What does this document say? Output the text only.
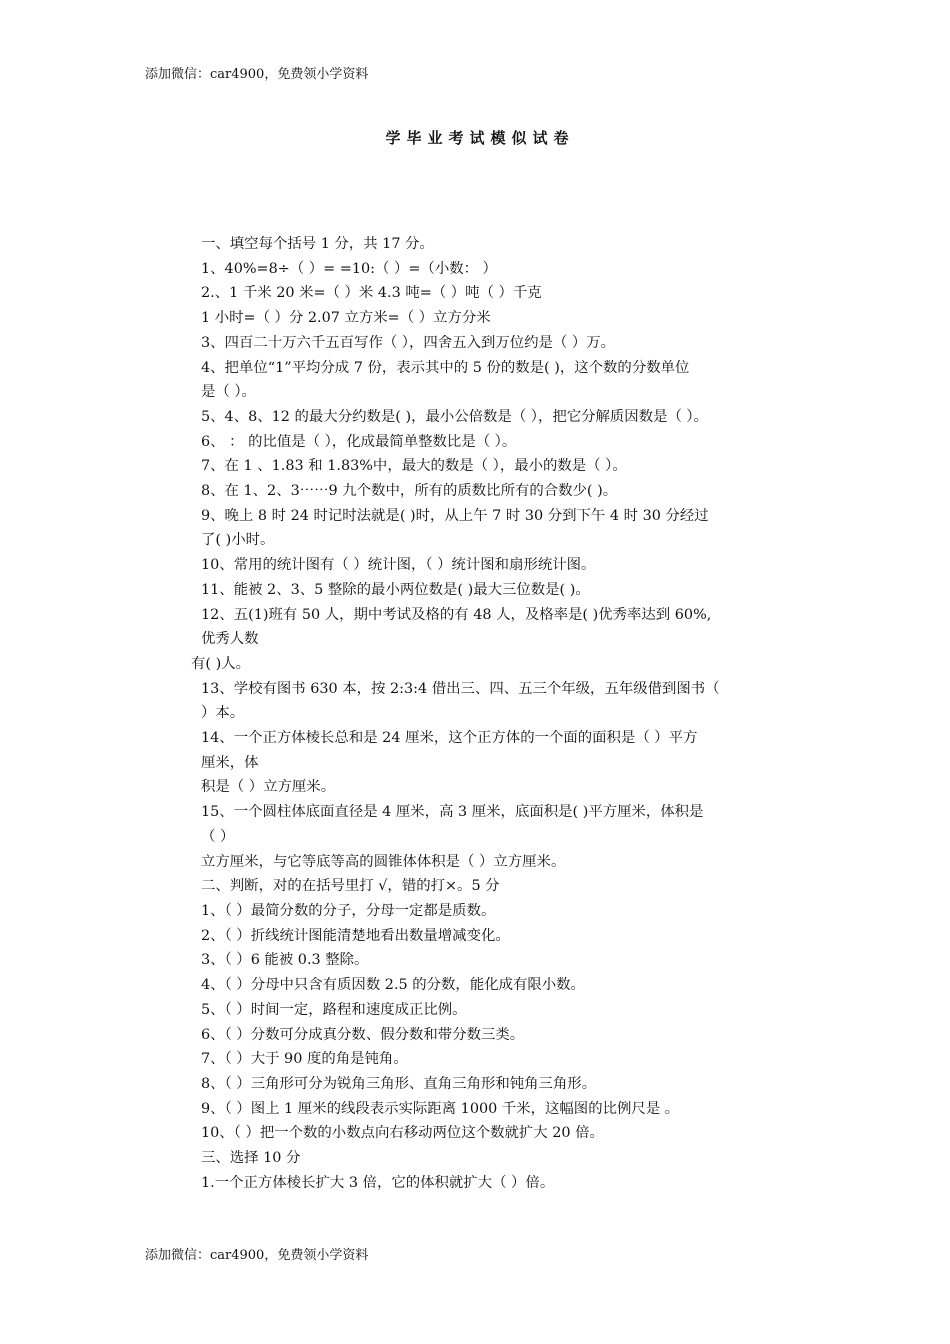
添加微信：car4900，免费领小学资料
学毕业考试模似试卷
一、填空每个括号 1 分，共 17 分。
1、40%=8÷（ ）= =10:（ ）=（小数： ）
2.、1 千米 20 米=（ ）米 4.3 吨=（ ）吨（ ）千克
1 小时=（ ）分 2.07 立方米=（ ）立方分米
3、四百二十万六千五百写作（ ），四舍五入到万位约是（ ）万。
4、把单位“1”平均分成 7 份，表示其中的 5 份的数是( )，这个数的分数单位
是（ ）。
5、4、8、12 的最大分约数是( )，最小公倍数是（ ），把它分解质因数是（ ）。
6、 ： 的比值是（ ），化成最简单整数比是（ ）。
7、在 1 、1.83 和 1.83%中，最大的数是（ ），最小的数是（ ）。
8、在 1、2、3⋯⋯9 九个数中，所有的质数比所有的合数少( )。
9、晚上 8 时 24 时记时法就是( )时，从上午 7 时 30 分到下午 4 时 30 分经过
了( )小时。
10、常用的统计图有（ ）统计图，（ ）统计图和扇形统计图。
11、能被 2、3、5 整除的最小两位数是( )最大三位数是( )。
12、五(1)班有 50 人，期中考试及格的有 48 人，及格率是( )优秀率达到 60%,
优秀人数
有( )人。
13、学校有图书 630 本，按 2:3:4 借出三、四、五三个年级，五年级借到图书（
）本。
14、一个正方体棱长总和是 24 厘米，这个正方体的一个面的面积是（ ）平方
厘米，体
积是（ ）立方厘米。
15、一个圆柱体底面直径是 4 厘米，高 3 厘米，底面积是( )平方厘米，体积是
（ ）
立方厘米，与它等底等高的圆锥体体积是（ ）立方厘米。
二、判断，对的在括号里打 √，错的打×。5 分
1、（ ）最简分数的分子，分母一定都是质数。
2、（ ）折线统计图能清楚地看出数量增减变化。
3、（ ）6 能被 0.3 整除。
4、（ ）分母中只含有质因数 2.5 的分数，能化成有限小数。
5、（ ）时间一定，路程和速度成正比例。
6、（ ）分数可分成真分数、假分数和带分数三类。
7、（ ）大于 90 度的角是钝角。
8、（ ）三角形可分为锐角三角形、直角三角形和钝角三角形。
9、（ ）图上 1 厘米的线段表示实际距离 1000 千米，这幅图的比例尺是 。
10、（ ）把一个数的小数点向右移动两位这个数就扩大 20 倍。
三、选择 10 分
1.一个正方体棱长扩大 3 倍，它的体积就扩大（ ）倍。
添加微信：car4900，免费领小学资料
